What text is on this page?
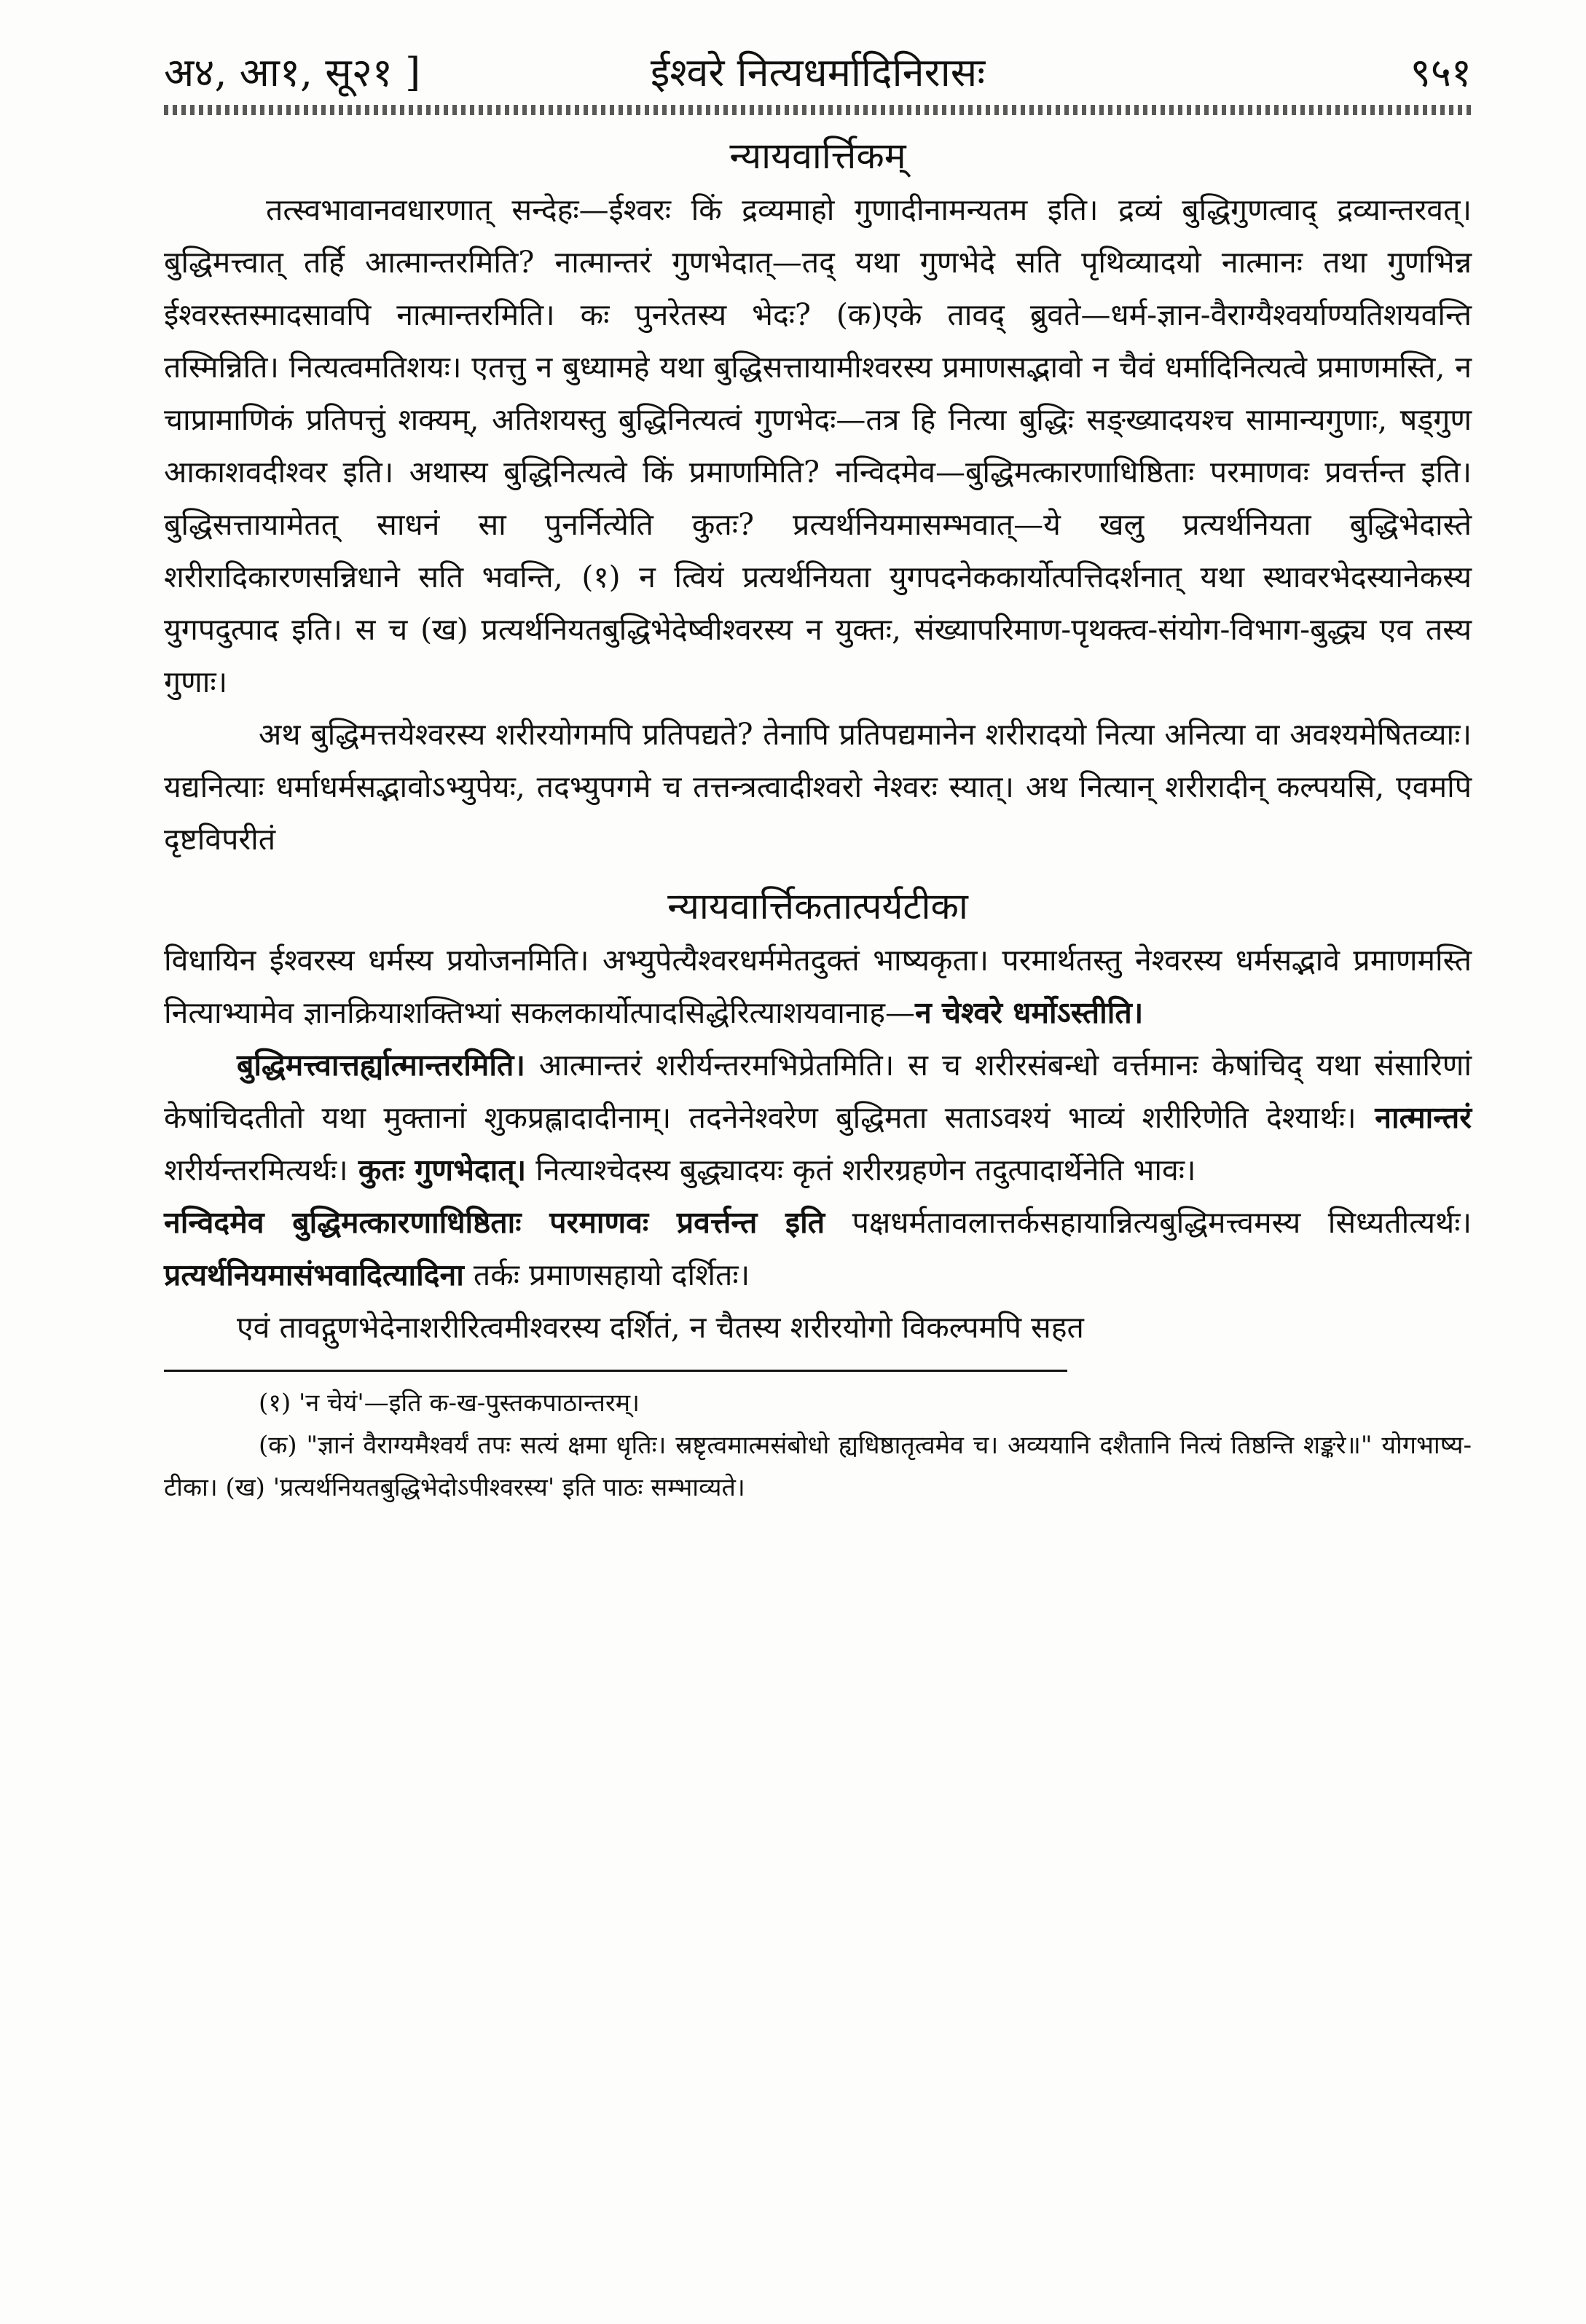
अ४, आ१, सू२१ ]	ईश्वरे नित्यधर्मादिनिरासः	९५१
न्यायवार्त्तिकम्

तत्स्वभावानवधारणात् सन्देहः—ईश्वरः किं द्रव्यमाहो गुणादीनामन्यतम इति। द्रव्यं बुद्धिगुणत्वाद् द्रव्यान्तरवत्। बुद्धिमत्त्वात् तर्हि आत्मान्तरमिति? नात्मान्तरं गुणभेदात्—तद् यथा गुणभेदे सति पृथिव्यादयो नात्मानः तथा गुणभिन्न ईश्वरस्तस्मादसावपि नात्मान्तरमिति। कः पुनरेतस्य भेदः? (क)एके तावद् ब्रुवते—धर्म-ज्ञान-वैराग्यैश्वर्याण्यतिशयवन्ति तस्मिन्निति। नित्यत्वमतिशयः। एतत्तु न बुध्यामहे यथा बुद्धिसत्तायामीश्वरस्य प्रमाणसद्भावो न चैवं धर्मादिनित्यत्वे प्रमाणमस्ति, न चाप्रामाणिकं प्रतिपत्तुं शक्यम्, अतिशयस्तु बुद्धिनित्यत्वं गुणभेदः—तत्र हि नित्या बुद्धिः सङ्ख्यादयश्च सामान्यगुणाः, षड्गुण आकाशवदीश्वर इति। अथास्य बुद्धिनित्यत्वे किं प्रमाणमिति? नन्विदमेव—बुद्धिमत्कारणाधिष्ठिताः परमाणवः प्रवर्त्तन्त इति। बुद्धिसत्तायामेतत् साधनं सा पुनर्नित्येति कुतः? प्रत्यर्थनियमासम्भवात्—ये खलु प्रत्यर्थनियता बुद्धिभेदास्ते शरीरादिकारणसन्निधाने सति भवन्ति, (१) न त्वियं प्रत्यर्थनियता युगपदनेककार्योत्पत्तिदर्शनात् यथा स्थावरभेदस्यानेकस्य युगपदुत्पाद इति। स च (ख) प्रत्यर्थनियतबुद्धिभेदेष्वीश्वरस्य न युक्तः, संख्यापरिमाण-पृथक्त्व-संयोग-विभाग-बुद्ध्य एव तस्य गुणाः।

अथ बुद्धिमत्तयेश्वरस्य शरीरयोगमपि प्रतिपद्यते? तेनापि प्रतिपद्यमानेन शरीरादयो नित्या अनित्या वा अवश्यमेषितव्याः। यद्यनित्याः धर्माधर्मसद्भावोऽभ्युपेयः, तदभ्युपगमे च तत्तन्त्रत्वादीश्वरो नेश्वरः स्यात्। अथ नित्यान् शरीरादीन् कल्पयसि, एवमपि दृष्टविपरीतं

न्यायवार्त्तिकतात्पर्यटीका

विधायिन ईश्वरस्य धर्मस्य प्रयोजनमिति। अभ्युपेत्यैश्वरधर्ममेतदुक्तं भाष्यकृता। परमार्थतस्तु नेश्वरस्य धर्मसद्भावे प्रमाणमस्ति नित्याभ्यामेव ज्ञानक्रियाशक्तिभ्यां सकलकार्योत्पादसिद्धेरित्याशयवानाह—न चेश्वरे धर्मोऽस्तीति।

बुद्धिमत्त्वात्तर्ह्यात्मान्तरमिति। आत्मान्तरं शरीर्यन्तरमभिप्रेतमिति। स च शरीरसंबन्धो वर्त्तमानः केषांचिद् यथा संसारिणां केषांचिदतीतो यथा मुक्तानां शुकप्रह्लादादीनाम्। तदनेनेश्वरेण बुद्धिमता सताऽवश्यं भाव्यं शरीरिणेति देश्यार्थः। नात्मान्तरं शरीर्यन्तरमित्यर्थः। कुतः गुणभेदात्। नित्याश्चेदस्य बुद्ध्यादयः कृतं शरीरग्रहणेन तदुत्पादार्थेनेति भावः।

नन्विदमेव बुद्धिमत्कारणाधिष्ठिताः परमाणवः प्रवर्त्तन्त इति पक्षधर्मतावलात्तर्कसहायान्नित्यबुद्धिमत्त्वमस्य सिध्यतीत्यर्थः। प्रत्यर्थनियमासंभवादित्यादिना तर्कः प्रमाणसहायो दर्शितः।

एवं तावद्गुणभेदेनाशरीरित्वमीश्वरस्य दर्शितं, न चैतस्य शरीरयोगो विकल्पमपि सहत

(१) 'न चेयं'—इति क-ख-पुस्तकपाठान्तरम्।

(क) "ज्ञानं वैराग्यमैश्वर्यं तपः सत्यं क्षमा धृतिः। स्रष्टृत्वमात्मसंबोधो ह्यधिष्ठातृत्वमेव च। अव्ययानि दशैतानि नित्यं तिष्ठन्ति शङ्करे॥" योगभाष्य-टीका। (ख) 'प्रत्यर्थनियतबुद्धिभेदोऽपीश्वरस्य' इति पाठः सम्भाव्यते।
